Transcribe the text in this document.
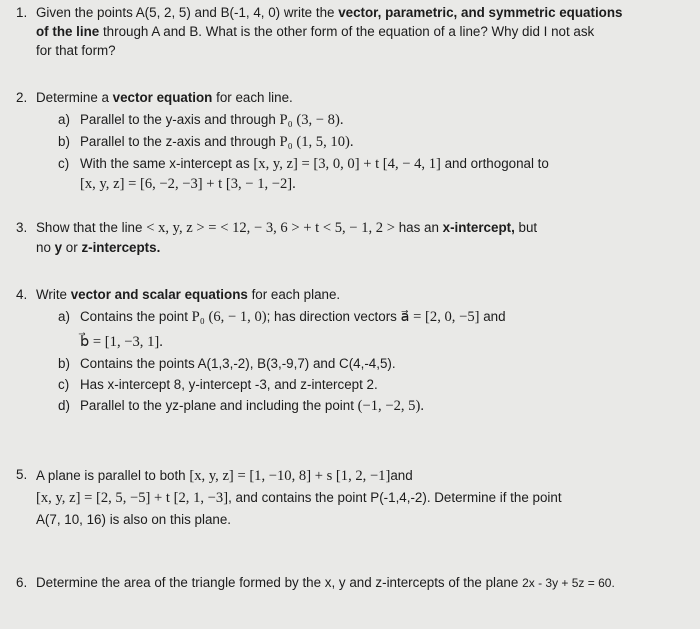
1. Given the points A(5, 2, 5) and B(-1, 4, 0) write the vector, parametric, and symmetric equations
of the line through A and B. What is the other form of the equation of a line? Why did I not ask
for that form?
2. Determine a vector equation for each line.
a) Parallel to the y-axis and through P₀ (3, − 8).
b) Parallel to the z-axis and through P₀ (1, 5, 10).
c) With the same x-intercept as [x, y, z] = [3, 0, 0] + t [4, − 4, 1] and orthogonal to
[x, y, z] = [6, −2, −3] + t [3, − 1, −2].
3. Show that the line < x, y, z > = < 12, − 3, 6 > + t < 5, − 1, 2 > has an x-intercept, but
no y or z-intercepts.
4. Write vector and scalar equations for each plane.
a) Contains the point P₀ (6, − 1, 0); has direction vectors a⃗ = [2, 0, −5] and
b⃗ = [1, −3, 1].
b) Contains the points A(1,3,-2), B(3,-9,7) and C(4,-4,5).
c) Has x-intercept 8, y-intercept -3, and z-intercept 2.
d) Parallel to the yz-plane and including the point (−1, −2, 5).
5. A plane is parallel to both [x, y, z] = [1, −10, 8] + s [1, 2, −1]and
[x, y, z] = [2, 5, −5] + t [2, 1, −3], and contains the point P(-1,4,-2). Determine if the point
A(7, 10, 16) is also on this plane.
6. Determine the area of the triangle formed by the x, y and z-intercepts of the plane 2x - 3y + 5z = 60.
